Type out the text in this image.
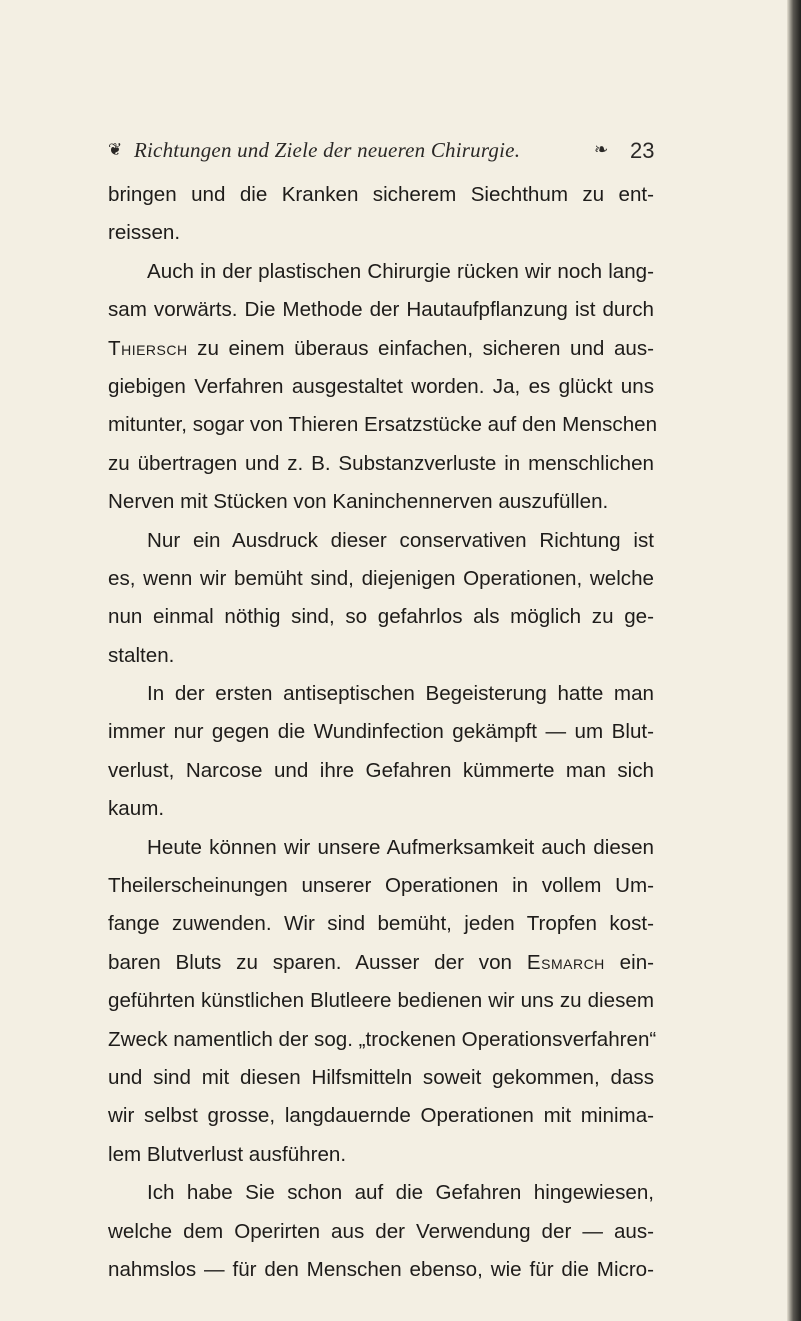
❦ Richtungen und Ziele der neueren Chirurgie.	❧ 23
bringen und die Kranken sicherem Siechthum zu ent-
reissen.
Auch in der plastischen Chirurgie rücken wir noch lang-
sam vorwärts. Die Methode der Hautaufpflanzung ist durch
Thiersch zu einem überaus einfachen, sicheren und aus-
giebigen Verfahren ausgestaltet worden. Ja, es glückt uns
mitunter, sogar von Thieren Ersatzstücke auf den Menschen
zu übertragen und z. B. Substanzverluste in menschlichen
Nerven mit Stücken von Kaninchennerven auszufüllen.
Nur ein Ausdruck dieser conservativen Richtung ist
es, wenn wir bemüht sind, diejenigen Operationen, welche
nun einmal nöthig sind, so gefahrlos als möglich zu ge-
stalten.
In der ersten antiseptischen Begeisterung hatte man
immer nur gegen die Wundinfection gekämpft — um Blut-
verlust, Narcose und ihre Gefahren kümmerte man sich
kaum.
Heute können wir unsere Aufmerksamkeit auch diesen
Theilerscheinungen unserer Operationen in vollem Um-
fange zuwenden. Wir sind bemüht, jeden Tropfen kost-
baren Bluts zu sparen. Ausser der von Esmarch ein-
geführten künstlichen Blutleere bedienen wir uns zu diesem
Zweck namentlich der sog. „trockenen Operationsverfahren“
und sind mit diesen Hilfsmitteln soweit gekommen, dass
wir selbst grosse, langdauernde Operationen mit minima-
lem Blutverlust ausführen.
Ich habe Sie schon auf die Gefahren hingewiesen,
welche dem Operirten aus der Verwendung der — aus-
nahmslos — für den Menschen ebenso, wie für die Micro-
